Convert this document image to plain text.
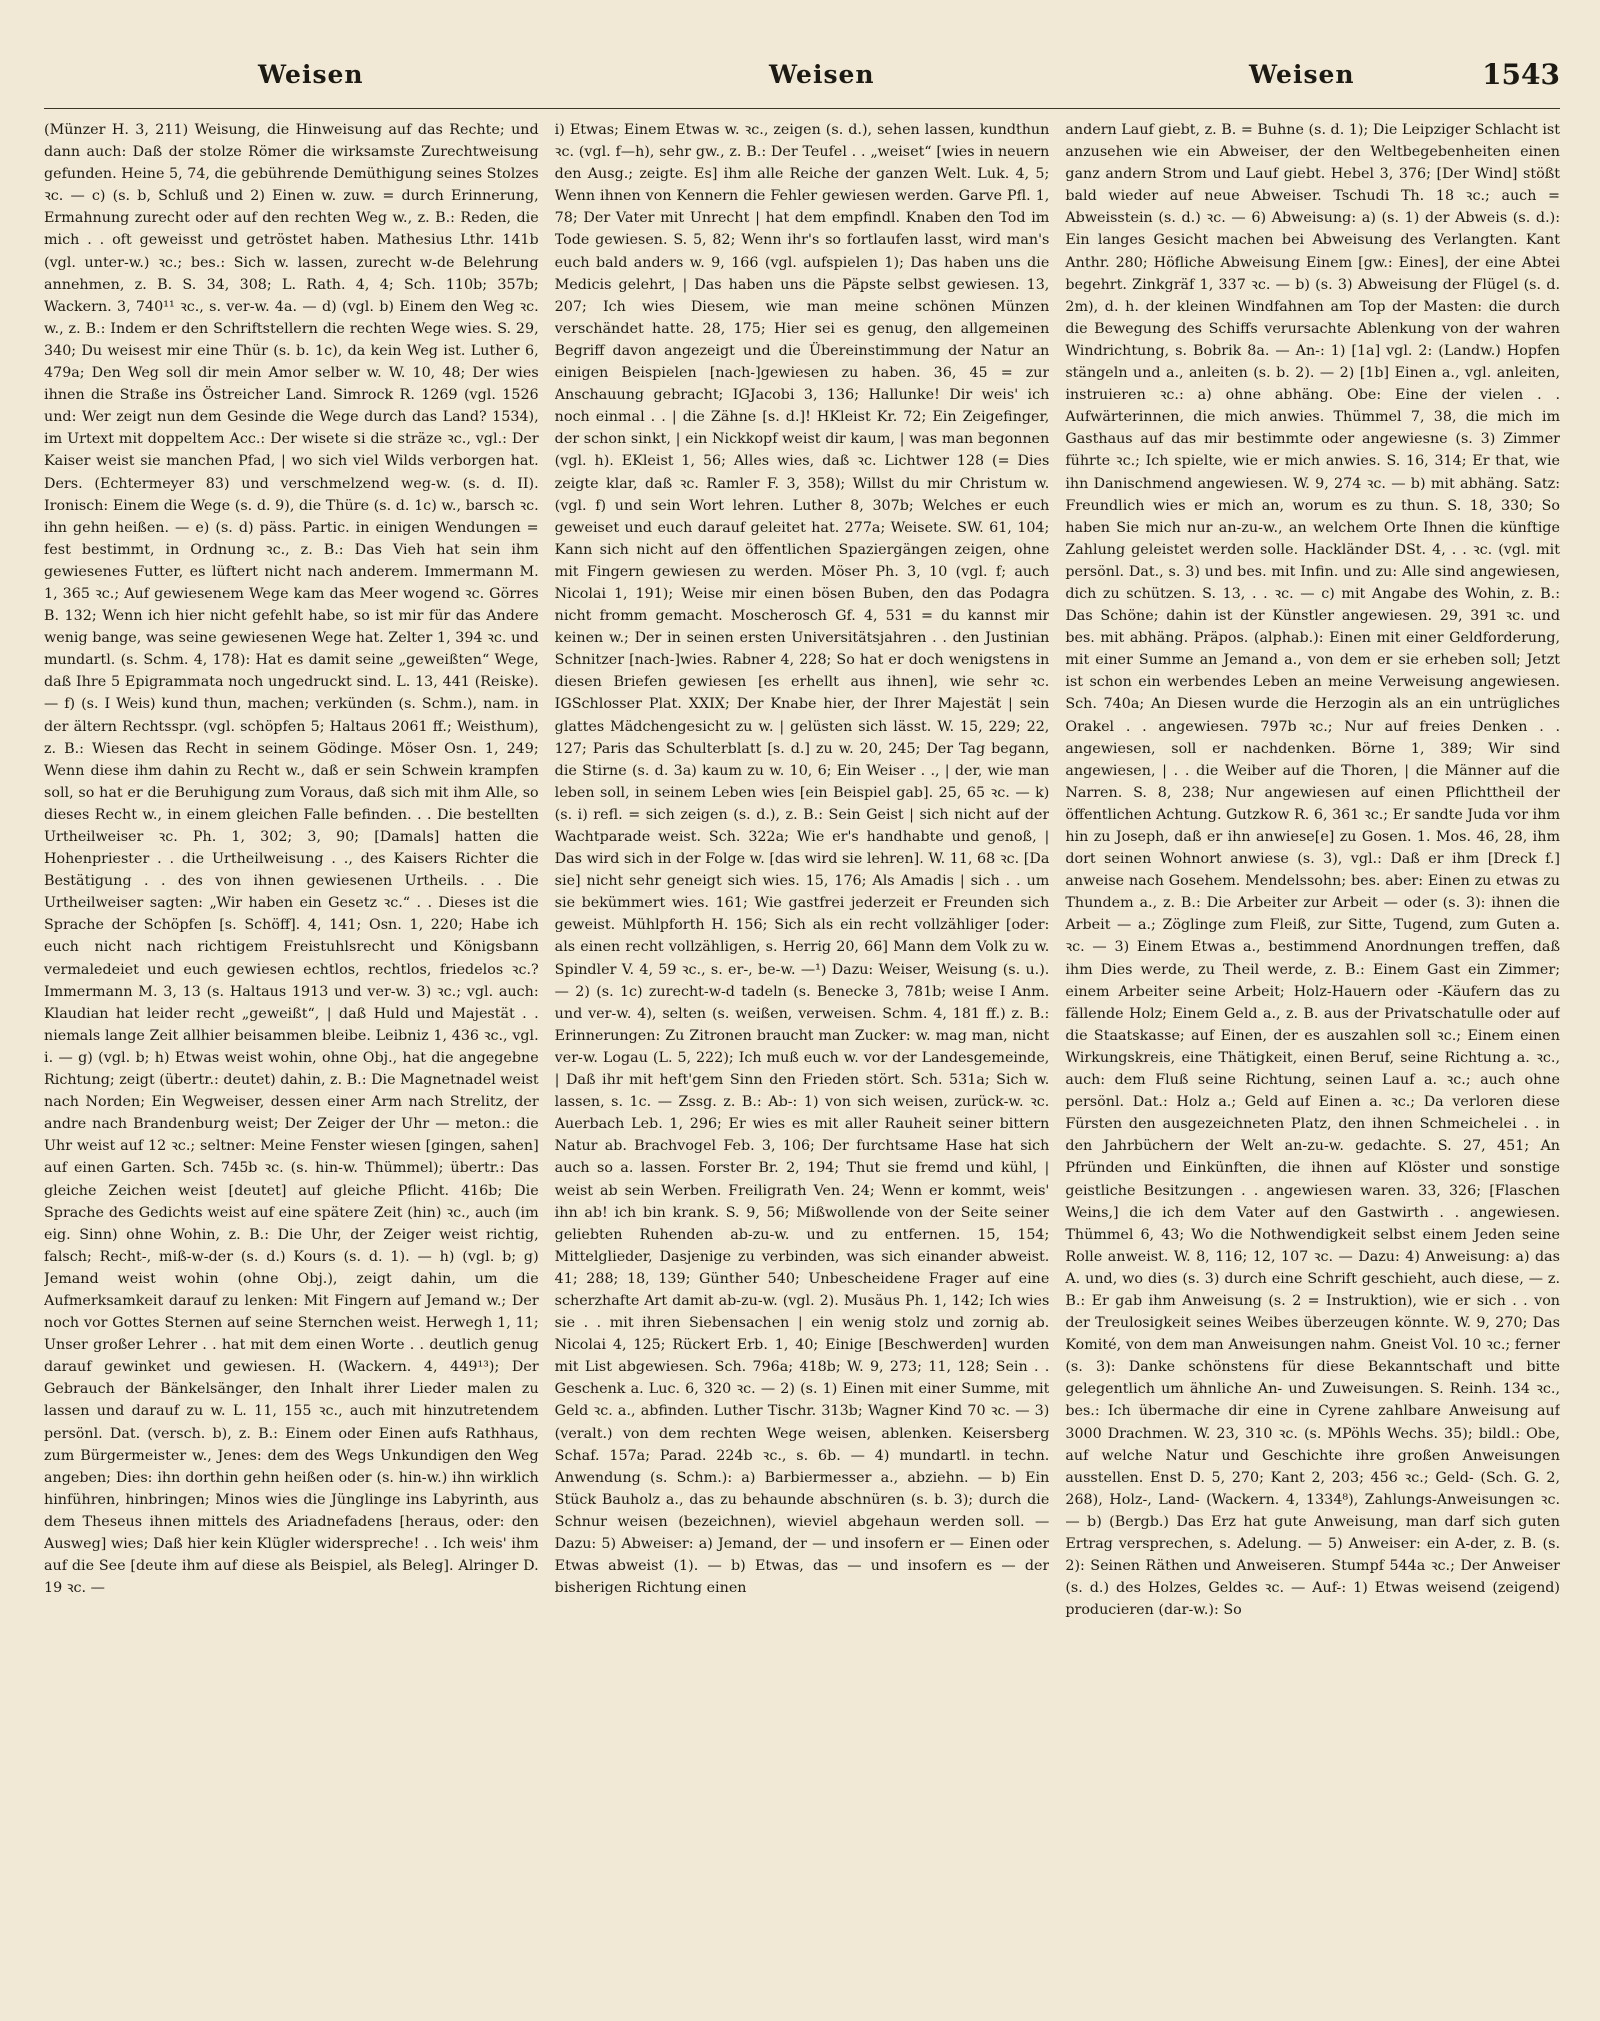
Weisen	Weisen	Weisen	1543

(Münzer H. 3, 211) Weisung, die Hinweisung auf das Rechte; und dann auch: Daß der stolze Römer die wirksamste Zurechtweisung gefunden. Heine 5, 74, die gebührende Demüthigung seines Stolzes ꝛc. — c) (s. b, Schluß und 2) Einen w. zuw. = durch Erinnerung, Ermahnung zurecht oder auf den rechten Weg w., z. B.: Reden, die mich . . oft geweisst und getröstet haben. Mathesius Lthr. 141b (vgl. unter-w.) ꝛc.; bes.: Sich w. lassen, zurecht w-de Belehrung annehmen, z. B. S. 34, 308; L. Rath. 4, 4; Sch. 110b; 357b; Wackern. 3, 740¹¹ ꝛc., s. ver-w. 4a. — d) (vgl. b) Einem den Weg ꝛc. w., z. B.: Indem er den Schriftstellern die rechten Wege wies. S. 29, 340; Du weisest mir eine Thür (s. b. 1c), da kein Weg ist. Luther 6, 479a; Den Weg soll dir mein Amor selber w. W. 10, 48; Der wies ihnen die Straße ins Östreicher Land. Simrock R. 1269 (vgl. 1526 und: Wer zeigt nun dem Gesinde die Wege durch das Land? 1534), im Urtext mit doppeltem Acc.: Der wisete si die sträze ꝛc., vgl.: Der Kaiser weist sie manchen Pfad, | wo sich viel Wilds verborgen hat. Ders. (Echtermeyer 83) und verschmelzend weg-w. (s. d. II). Ironisch: Einem die Wege (s. d. 9), die Thüre (s. d. 1c) w., barsch ꝛc. ihn gehn heißen. — e) (s. d) päss. Partic. in einigen Wendungen = fest bestimmt, in Ordnung ꝛc., z. B.: Das Vieh hat sein ihm gewiesenes Futter, es lüftert nicht nach anderem. Immermann M. 1, 365 ꝛc.; Auf gewiesenem Wege kam das Meer wogend ꝛc. Görres B. 132; Wenn ich hier nicht gefehlt habe, so ist mir für das Andere wenig bange, was seine gewiesenen Wege hat. Zelter 1, 394 ꝛc. und mundartl. (s. Schm. 4, 178): Hat es damit seine „geweißten“ Wege, daß Ihre 5 Epigrammata noch ungedruckt sind. L. 13, 441 (Reiske). — f) (s. I Weis) kund thun, machen; verkünden (s. Schm.), nam. in der ältern Rechtsspr. (vgl. schöpfen 5; Haltaus 2061 ff.; Weisthum), z. B.: Wiesen das Recht in seinem Gödinge. Möser Osn. 1, 249; Wenn diese ihm dahin zu Recht w., daß er sein Schwein krampfen soll, so hat er die Beruhigung zum Voraus, daß sich mit ihm Alle, so dieses Recht w., in einem gleichen Falle befinden. . . Die bestellten Urtheilweiser ꝛc. Ph. 1, 302; 3, 90; [Damals] hatten die Hohenpriester . . die Urtheilweisung . ., des Kaisers Richter die Bestätigung . . des von ihnen gewiesenen Urtheils. . . Die Urtheilweiser sagten: „Wir haben ein Gesetz ꝛc.“ . . Dieses ist die Sprache der Schöpfen [s. Schöff]. 4, 141; Osn. 1, 220; Habe ich euch nicht nach richtigem Freistuhlsrecht und Königsbann vermaledeiet und euch gewiesen echtlos, rechtlos, friedelos ꝛc.? Immermann M. 3, 13 (s. Haltaus 1913 und ver-w. 3) ꝛc.; vgl. auch: Klaudian hat leider recht „geweißt“, | daß Huld und Majestät . . niemals lange Zeit allhier beisammen bleibe. Leibniz 1, 436 ꝛc., vgl. i. — g) (vgl. b; h) Etwas weist wohin, ohne Obj., hat die angegebne Richtung; zeigt (übertr.: deutet) dahin, z. B.: Die Magnetnadel weist nach Norden; Ein Wegweiser, dessen einer Arm nach Strelitz, der andre nach Brandenburg weist; Der Zeiger der Uhr — meton.: die Uhr weist auf 12 ꝛc.; seltner: Meine Fenster wiesen [gingen, sahen] auf einen Garten. Sch. 745b ꝛc. (s. hin-w. Thümmel); übertr.: Das gleiche Zeichen weist [deutet] auf gleiche Pflicht. 416b; Die Sprache des Gedichts weist auf eine spätere Zeit (hin) ꝛc., auch (im eig. Sinn) ohne Wohin, z. B.: Die Uhr, der Zeiger weist richtig, falsch; Recht-, miß-w-der (s. d.) Kours (s. d. 1). — h) (vgl. b; g) Jemand weist wohin (ohne Obj.), zeigt dahin, um die Aufmerksamkeit darauf zu lenken: Mit Fingern auf Jemand w.; Der noch vor Gottes Sternen auf seine Sternchen weist. Herwegh 1, 11; Unser großer Lehrer . . hat mit dem einen Worte . . deutlich genug darauf gewinket und gewiesen. H. (Wackern. 4, 449¹³); Der Gebrauch der Bänkelsänger, den Inhalt ihrer Lieder malen zu lassen und darauf zu w. L. 11, 155 ꝛc., auch mit hinzutretendem persönl. Dat. (versch. b), z. B.: Einem oder Einen aufs Rathhaus, zum Bürgermeister w., Jenes: dem des Wegs Unkundigen den Weg angeben; Dies: ihn dorthin gehn heißen oder (s. hin-w.) ihn wirklich hinführen, hinbringen; Minos wies die Jünglinge ins Labyrinth, aus dem Theseus ihnen mittels des Ariadnefadens [heraus, oder: den Ausweg] wies; Daß hier kein Klügler widerspreche! . . Ich weis' ihm auf die See [deute ihm auf diese als Beispiel, als Beleg]. Alringer D. 19 ꝛc. —

i) Etwas; Einem Etwas w. ꝛc., zeigen (s. d.), sehen lassen, kundthun ꝛc. (vgl. f—h), sehr gw., z. B.: Der Teufel . . „weiset“ [wies in neuern den Ausg.; zeigte. Es] ihm alle Reiche der ganzen Welt. Luk. 4, 5; Wenn ihnen von Kennern die Fehler gewiesen werden. Garve Pfl. 1, 78; Der Vater mit Unrecht | hat dem empfindl. Knaben den Tod im Tode gewiesen. S. 5, 82; Wenn ihr's so fortlaufen lasst, wird man's euch bald anders w. 9, 166 (vgl. aufspielen 1); Das haben uns die Medicis gelehrt, | Das haben uns die Päpste selbst gewiesen. 13, 207; Ich wies Diesem, wie man meine schönen Münzen verschändet hatte. 28, 175; Hier sei es genug, den allgemeinen Begriff davon angezeigt und die Übereinstimmung der Natur an einigen Beispielen [nach-]gewiesen zu haben. 36, 45 = zur Anschauung gebracht; IGJacobi 3, 136; Hallunke! Dir weis' ich noch einmal . . | die Zähne [s. d.]! HKleist Kr. 72; Ein Zeigefinger, der schon sinkt, | ein Nickkopf weist dir kaum, | was man begonnen (vgl. h). EKleist 1, 56; Alles wies, daß ꝛc. Lichtwer 128 (= Dies zeigte klar, daß ꝛc. Ramler F. 3, 358); Willst du mir Christum w. (vgl. f) und sein Wort lehren. Luther 8, 307b; Welches er euch geweiset und euch darauf geleitet hat. 277a; Weisete. SW. 61, 104; Kann sich nicht auf den öffentlichen Spaziergängen zeigen, ohne mit Fingern gewiesen zu werden. Möser Ph. 3, 10 (vgl. f; auch Nicolai 1, 191); Weise mir einen bösen Buben, den das Podagra nicht fromm gemacht. Moscherosch Gf. 4, 531 = du kannst mir keinen w.; Der in seinen ersten Universitätsjahren . . den Justinian Schnitzer [nach-]wies. Rabner 4, 228; So hat er doch wenigstens in diesen Briefen gewiesen [es erhellt aus ihnen], wie sehr ꝛc. IGSchlosser Plat. XXIX; Der Knabe hier, der Ihrer Majestät | sein glattes Mädchengesicht zu w. | gelüsten sich lässt. W. 15, 229; 22, 127; Paris das Schulterblatt [s. d.] zu w. 20, 245; Der Tag begann, die Stirne (s. d. 3a) kaum zu w. 10, 6; Ein Weiser . ., | der, wie man leben soll, in seinem Leben wies [ein Beispiel gab]. 25, 65 ꝛc. — k) (s. i) refl. = sich zeigen (s. d.), z. B.: Sein Geist | sich nicht auf der Wachtparade weist. Sch. 322a; Wie er's handhabte und genoß, | Das wird sich in der Folge w. [das wird sie lehren]. W. 11, 68 ꝛc. [Da sie] nicht sehr geneigt sich wies. 15, 176; Als Amadis | sich . . um sie bekümmert wies. 161; Wie gastfrei jederzeit er Freunden sich geweist. Mühlpforth H. 156; Sich als ein recht vollzähliger [oder: als einen recht vollzähligen, s. Herrig 20, 66] Mann dem Volk zu w. Spindler V. 4, 59 ꝛc., s. er-, be-w. —¹) Dazu: Weiser, Weisung (s. u.). — 2) (s. 1c) zurecht-w-d tadeln (s. Benecke 3, 781b; weise I Anm. und ver-w. 4), selten (s. weißen, verweisen. Schm. 4, 181 ff.) z. B.: Erinnerungen: Zu Zitronen braucht man Zucker: w. mag man, nicht ver-w. Logau (L. 5, 222); Ich muß euch w. vor der Landesgemeinde, | Daß ihr mit heft'gem Sinn den Frieden stört. Sch. 531a; Sich w. lassen, s. 1c. — Zssg. z. B.: Ab-: 1) von sich weisen, zurück-w. ꝛc. Auerbach Leb. 1, 296; Er wies es mit aller Rauheit seiner bittern Natur ab. Brachvogel Feb. 3, 106; Der furchtsame Hase hat sich auch so a. lassen. Forster Br. 2, 194; Thut sie fremd und kühl, | weist ab sein Werben. Freiligrath Ven. 24; Wenn er kommt, weis' ihn ab! ich bin krank. S. 9, 56; Mißwollende von der Seite seiner geliebten Ruhenden ab-zu-w. und zu entfernen. 15, 154; Mittelglieder, Dasjenige zu verbinden, was sich einander abweist. 41; 288; 18, 139; Günther 540; Unbescheidene Frager auf eine scherzhafte Art damit ab-zu-w. (vgl. 2). Musäus Ph. 1, 142; Ich wies sie . . mit ihren Siebensachen | ein wenig stolz und zornig ab. Nicolai 4, 125; Rückert Erb. 1, 40; Einige [Beschwerden] wurden mit List abgewiesen. Sch. 796a; 418b; W. 9, 273; 11, 128; Sein . . Geschenk a. Luc. 6, 320 ꝛc. — 2) (s. 1) Einen mit einer Summe, mit Geld ꝛc. a., abfinden. Luther Tischr. 313b; Wagner Kind 70 ꝛc. — 3) (veralt.) von dem rechten Wege weisen, ablenken. Keisersberg Schaf. 157a; Parad. 224b ꝛc., s. 6b. — 4) mundartl. in techn. Anwendung (s. Schm.): a) Barbiermesser a., abziehn. — b) Ein Stück Bauholz a., das zu behaunde abschnüren (s. b. 3); durch die Schnur weisen (bezeichnen), wieviel abgehaun werden soll. — Dazu: 5) Abweiser: a) Jemand, der — und insofern er — Einen oder Etwas abweist (1). — b) Etwas, das — und insofern es — der bisherigen Richtung einen

andern Lauf giebt, z. B. = Buhne (s. d. 1); Die Leipziger Schlacht ist anzusehen wie ein Abweiser, der den Weltbegebenheiten einen ganz andern Strom und Lauf giebt. Hebel 3, 376; [Der Wind] stößt bald wieder auf neue Abweiser. Tschudi Th. 18 ꝛc.; auch = Abweisstein (s. d.) ꝛc. — 6) Abweisung: a) (s. 1) der Abweis (s. d.): Ein langes Gesicht machen bei Abweisung des Verlangten. Kant Anthr. 280; Höfliche Abweisung Einem [gw.: Eines], der eine Abtei begehrt. Zinkgräf 1, 337 ꝛc. — b) (s. 3) Abweisung der Flügel (s. d. 2m), d. h. der kleinen Windfahnen am Top der Masten: die durch die Bewegung des Schiffs verursachte Ablenkung von der wahren Windrichtung, s. Bobrik 8a. — An-: 1) [1a] vgl. 2: (Landw.) Hopfen stängeln und a., anleiten (s. b. 2). — 2) [1b] Einen a., vgl. anleiten, instruieren ꝛc.: a) ohne abhäng. Obe: Eine der vielen . . Aufwärterinnen, die mich anwies. Thümmel 7, 38, die mich im Gasthaus auf das mir bestimmte oder angewiesne (s. 3) Zimmer führte ꝛc.; Ich spielte, wie er mich anwies. S. 16, 314; Er that, wie ihn Danischmend angewiesen. W. 9, 274 ꝛc. — b) mit abhäng. Satz: Freundlich wies er mich an, worum es zu thun. S. 18, 330; So haben Sie mich nur an-zu-w., an welchem Orte Ihnen die künftige Zahlung geleistet werden solle. Hackländer DSt. 4, . . ꝛc. (vgl. mit persönl. Dat., s. 3) und bes. mit Infin. und zu: Alle sind angewiesen, dich zu schützen. S. 13, . . ꝛc. — c) mit Angabe des Wohin, z. B.: Das Schöne; dahin ist der Künstler angewiesen. 29, 391 ꝛc. und bes. mit abhäng. Präpos. (alphab.): Einen mit einer Geldforderung, mit einer Summe an Jemand a., von dem er sie erheben soll; Jetzt ist schon ein werbendes Leben an meine Verweisung angewiesen. Sch. 740a; An Diesen wurde die Herzogin als an ein untrügliches Orakel . . angewiesen. 797b ꝛc.; Nur auf freies Denken . . angewiesen, soll er nachdenken. Börne 1, 389; Wir sind angewiesen, | . . die Weiber auf die Thoren, | die Männer auf die Narren. S. 8, 238; Nur angewiesen auf einen Pflichttheil der öffentlichen Achtung. Gutzkow R. 6, 361 ꝛc.; Er sandte Juda vor ihm hin zu Joseph, daß er ihn anwiese[e] zu Gosen. 1. Mos. 46, 28, ihm dort seinen Wohnort anwiese (s. 3), vgl.: Daß er ihm [Dreck f.] anweise nach Gosehem. Mendelssohn; bes. aber: Einen zu etwas zu Thundem a., z. B.: Die Arbeiter zur Arbeit — oder (s. 3): ihnen die Arbeit — a.; Zöglinge zum Fleiß, zur Sitte, Tugend, zum Guten a. ꝛc. — 3) Einem Etwas a., bestimmend Anordnungen treffen, daß ihm Dies werde, zu Theil werde, z. B.: Einem Gast ein Zimmer; einem Arbeiter seine Arbeit; Holz-Hauern oder -Käufern das zu fällende Holz; Einem Geld a., z. B. aus der Privatschatulle oder auf die Staatskasse; auf Einen, der es auszahlen soll ꝛc.; Einem einen Wirkungskreis, eine Thätigkeit, einen Beruf, seine Richtung a. ꝛc., auch: dem Fluß seine Richtung, seinen Lauf a. ꝛc.; auch ohne persönl. Dat.: Holz a.; Geld auf Einen a. ꝛc.; Da verloren diese Fürsten den ausgezeichneten Platz, den ihnen Schmeichelei . . in den Jahrbüchern der Welt an-zu-w. gedachte. S. 27, 451; An Pfründen und Einkünften, die ihnen auf Klöster und sonstige geistliche Besitzungen . . angewiesen waren. 33, 326; [Flaschen Weins,] die ich dem Vater auf den Gastwirth . . angewiesen. Thümmel 6, 43; Wo die Nothwendigkeit selbst einem Jeden seine Rolle anweist. W. 8, 116; 12, 107 ꝛc. — Dazu: 4) Anweisung: a) das A. und, wo dies (s. 3) durch eine Schrift geschieht, auch diese, — z. B.: Er gab ihm Anweisung (s. 2 = Instruktion), wie er sich . . von der Treulosigkeit seines Weibes überzeugen könnte. W. 9, 270; Das Komité, von dem man Anweisungen nahm. Gneist Vol. 10 ꝛc.; ferner (s. 3): Danke schönstens für diese Bekanntschaft und bitte gelegentlich um ähnliche An- und Zuweisungen. S. Reinh. 134 ꝛc., bes.: Ich übermache dir eine in Cyrene zahlbare Anweisung auf 3000 Drachmen. W. 23, 310 ꝛc. (s. MPöhls Wechs. 35); bildl.: Obe, auf welche Natur und Geschichte ihre großen Anweisungen ausstellen. Enst D. 5, 270; Kant 2, 203; 456 ꝛc.; Geld- (Sch. G. 2, 268), Holz-, Land- (Wackern. 4, 1334⁸), Zahlungs-Anweisungen ꝛc. — b) (Bergb.) Das Erz hat gute Anweisung, man darf sich guten Ertrag versprechen, s. Adelung. — 5) Anweiser: ein A-der, z. B. (s. 2): Seinen Räthen und Anweiseren. Stumpf 544a ꝛc.; Der Anweiser (s. d.) des Holzes, Geldes ꝛc. — Auf-: 1) Etwas weisend (zeigend) producieren (dar-w.): So
